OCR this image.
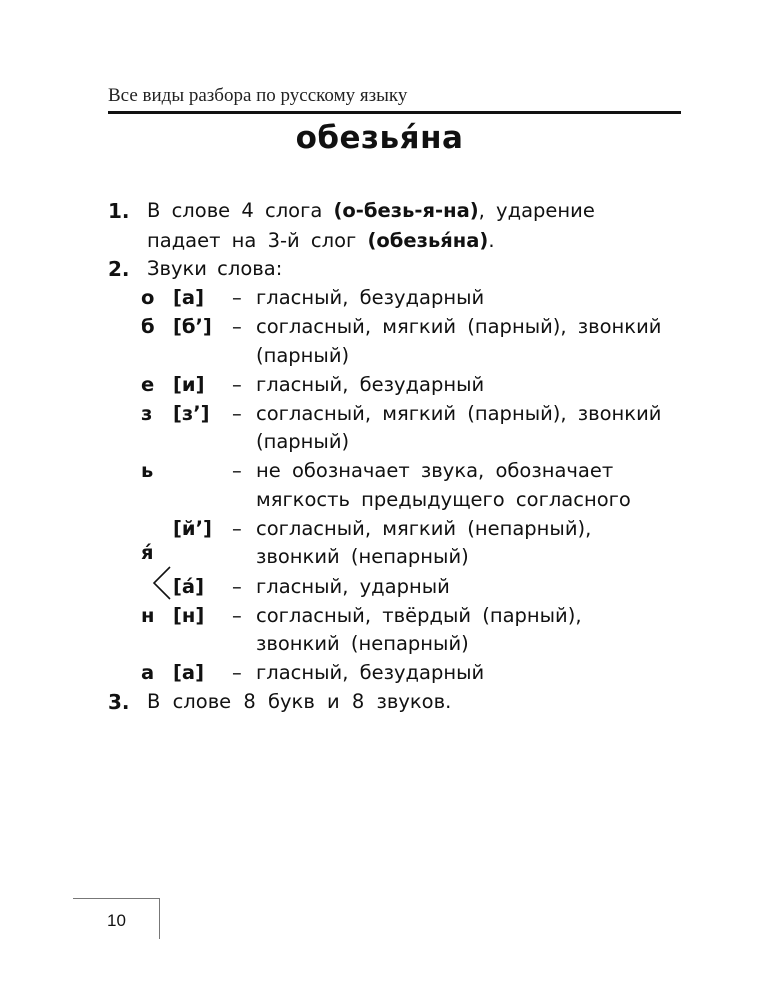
Все виды разбора по русскому языку
обезья́на
1. В слове 4 слога (о-безь-я-на), ударение
падает на 3-й слог (обезья́на).
2. Звуки слова:
о [а] – гласный, безударный
б [б’] – согласный, мягкий (парный), звонкий
(парный)
е [и] – гласный, безударный
з [з’] – согласный, мягкий (парный), звонкий
(парный)
ь	– не обозначает звука, обозначает
мягкость предыдущего согласного
[й’] – согласный, мягкий (непарный),
я́	звонкий (непарный)
[а́] – гласный, ударный
н [н] – согласный, твёрдый (парный),
звонкий (непарный)
а [а] – гласный, безударный
3. В слове 8 букв и 8 звуков.
10
